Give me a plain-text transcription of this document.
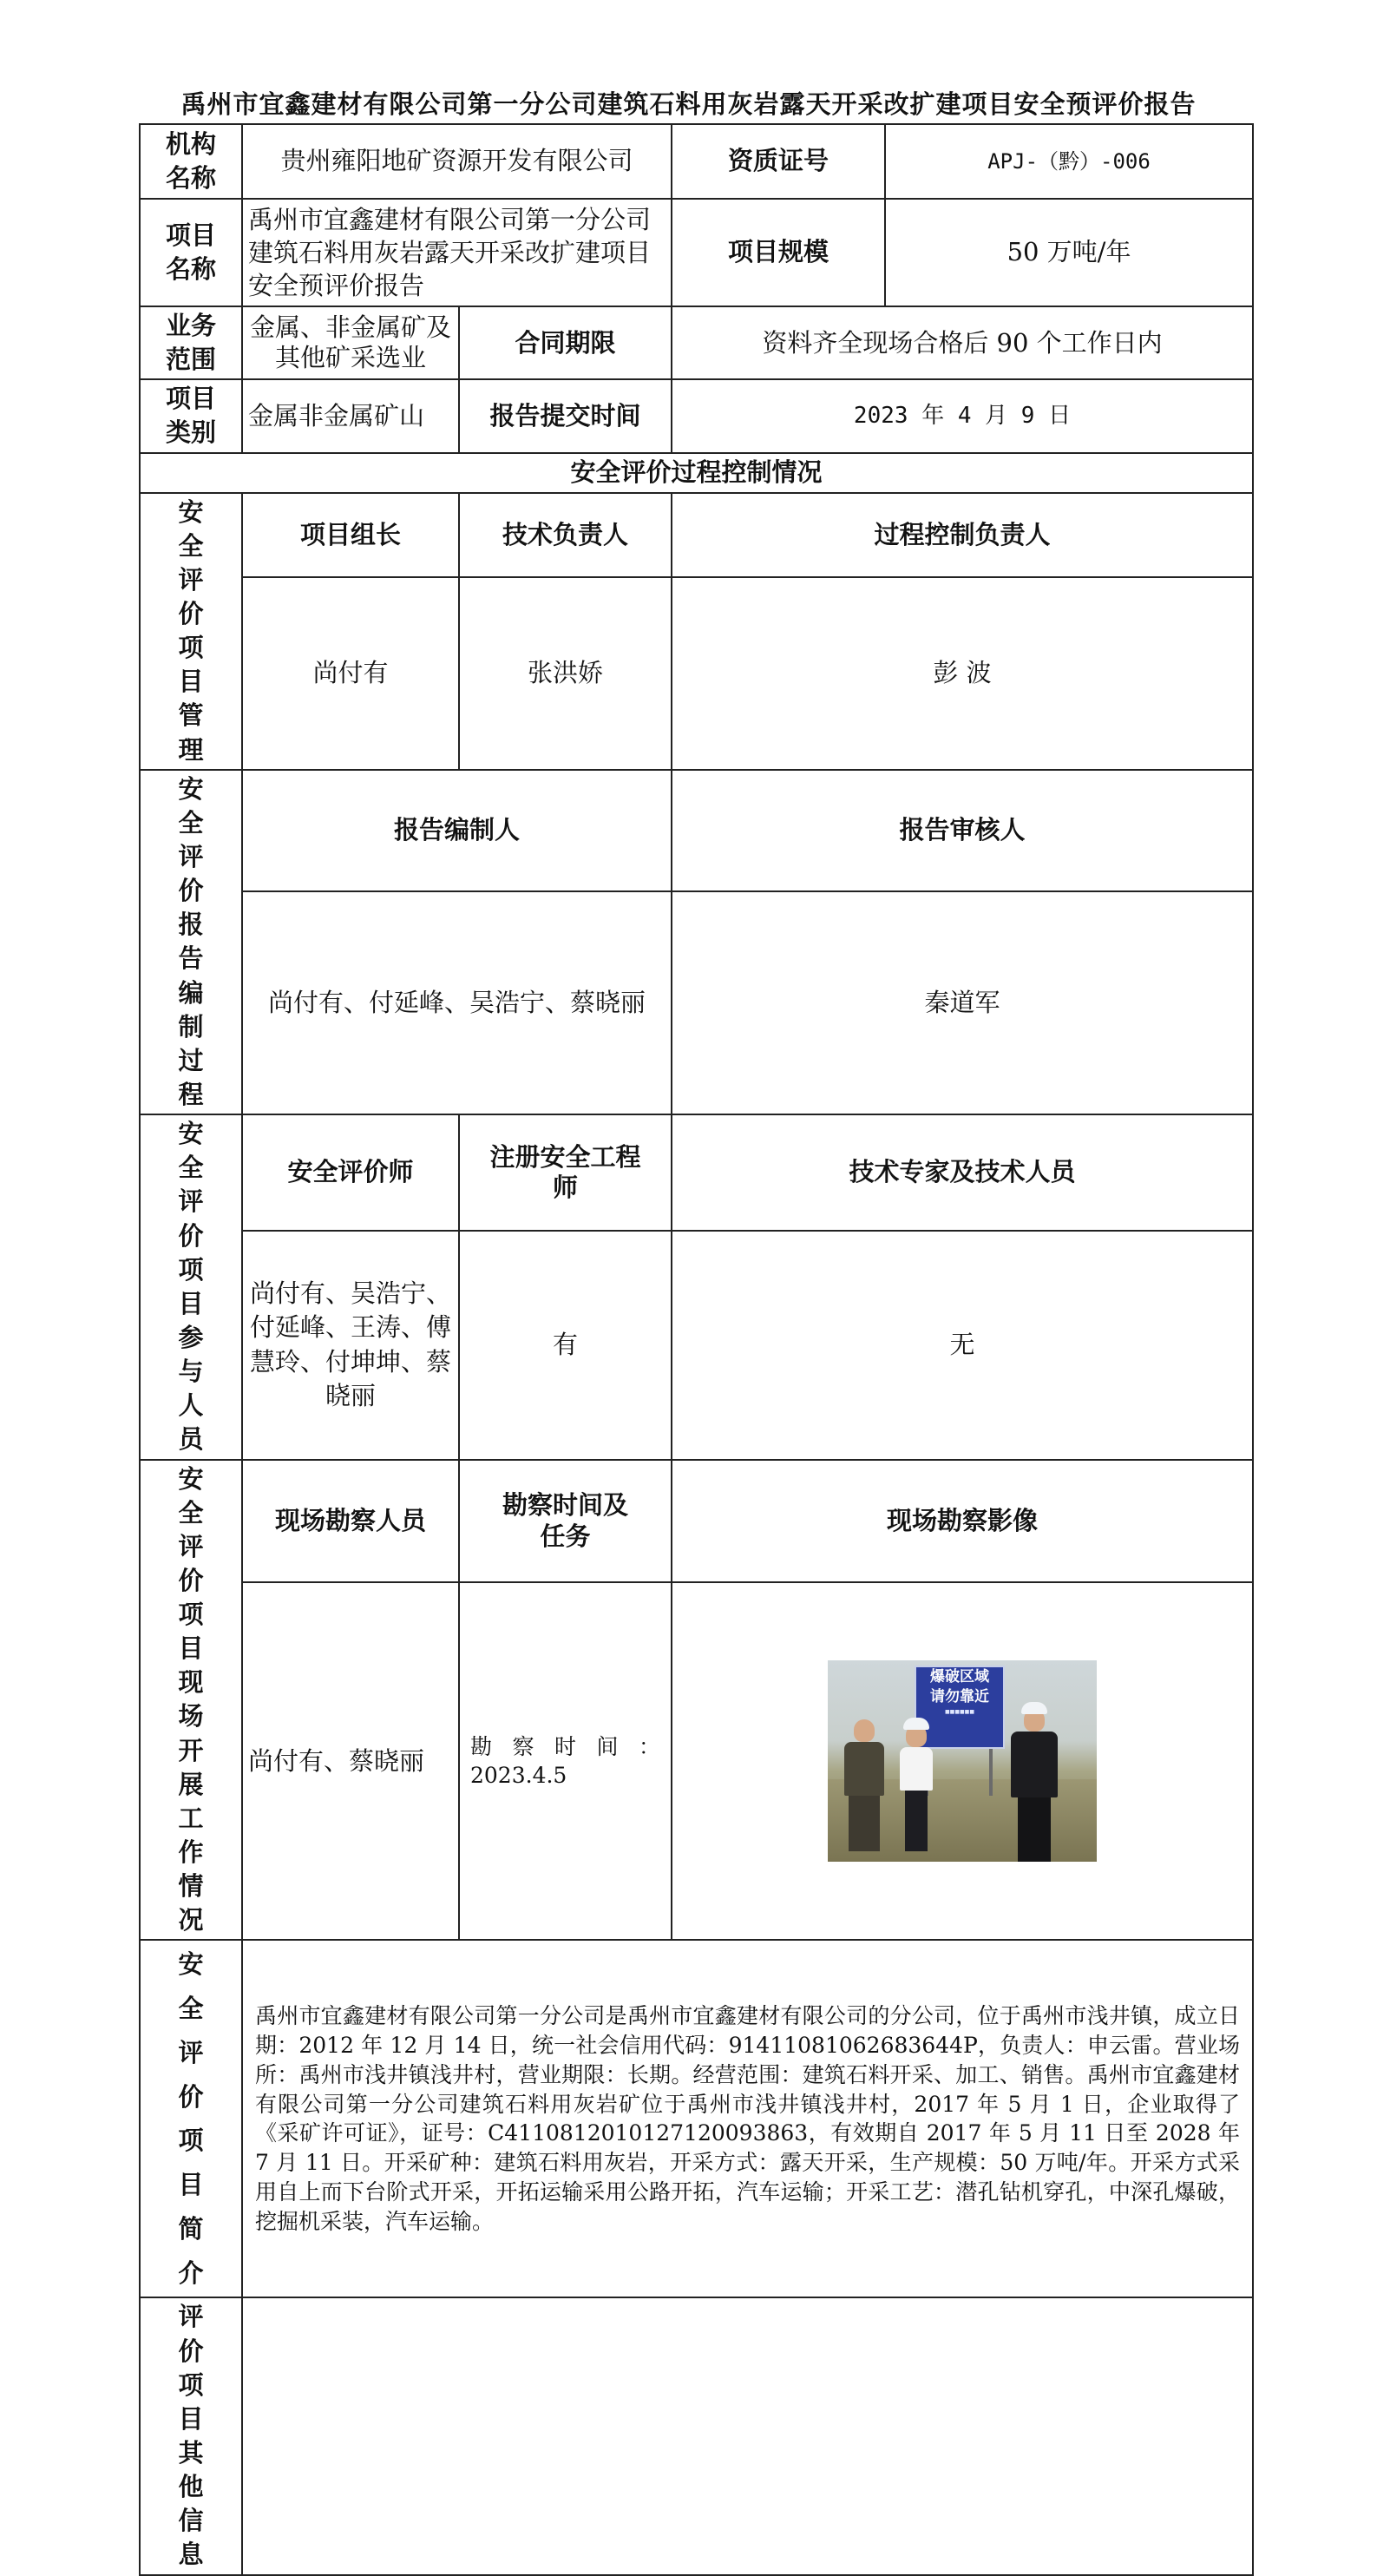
禹州市宜鑫建材有限公司第一分公司建筑石料用灰岩露天开采改扩建项目安全预评价报告
机构名称	贵州雍阳地矿资源开发有限公司		资质证号	APJ-（黔）-006
项目名称	禹州市宜鑫建材有限公司第一分公司建筑石料用灰岩露天开采改扩建项目安全预评价报告		项目规模	50 万吨/年
业务范围	金属、非金属矿及其他矿采选业	合同期限	资料齐全现场合格后 90 个工作日内	
项目类别	金属非金属矿山	报告提交时间	2023 年 4 月 9 日	
安全评价过程控制情况				
安全评价项目管理	项目组长	技术负责人	过程控制负责人	
	尚付有	张洪娇	彭 波	
安全评价报告编制过程	报告编制人		报告审核人	
	尚付有、付延峰、吴浩宁、蔡晓丽		秦道军	
安全评价项目参与人员	安全评价师	注册安全工程师	技术专家及技术人员	
	尚付有、吴浩宁、付延峰、王涛、傅慧玲、付坤坤、蔡晓丽	有	无	
安全评价项目现场开展工作情况	现场勘察人员	勘察时间及任务	现场勘察影像	
	尚付有、蔡晓丽	勘 察 时 间 ： 2023.4.5	爆破区域
请勿靠近
■■■■■■	

安全评价项目简介	禹州市宜鑫建材有限公司第一分公司是禹州市宜鑫建材有限公司的分公司，位于禹州市浅井镇，成立日期：2012 年 12 月 14 日，统一社会信用代码：91411081062683644P，负责人：申云雷。营业场所：禹州市浅井镇浅井村，营业期限：长期。经营范围：建筑石料开采、加工、销售。禹州市宜鑫建材有限公司第一分公司建筑石料用灰岩矿位于禹州市浅井镇浅井村，2017 年 5 月 1 日，企业取得了《采矿许可证》，证号：C4110812010127120093863，有效期自 2017 年 5 月 11 日至 2028 年 7 月 11 日。开采矿种：建筑石料用灰岩，开采方式：露天开采，生产规模：50 万吨/年。开采方式采用自上而下台阶式开采，开拓运输采用公路开拓，汽车运输；开采工艺：潜孔钻机穿孔，中深孔爆破，挖掘机采装，汽车运输。			
评价项目其他信息				
